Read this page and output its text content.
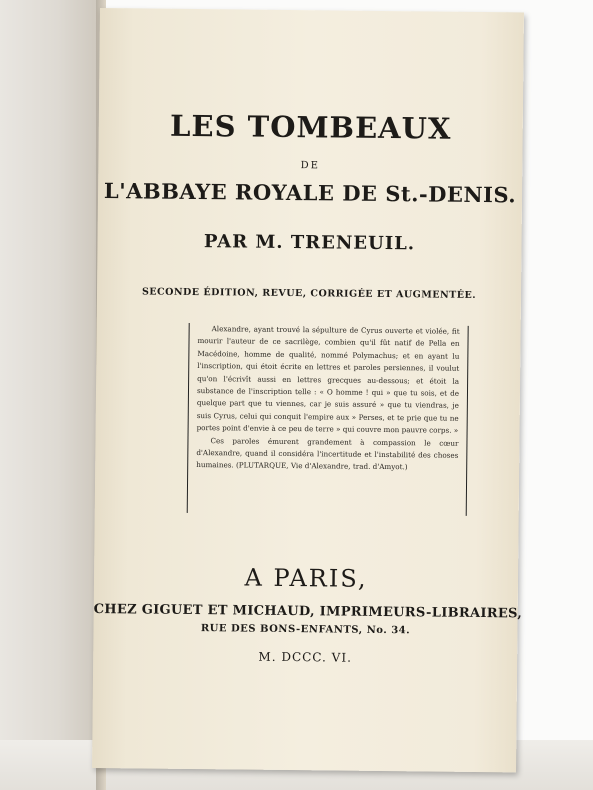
LES TOMBEAUX
DE
L'ABBAYE ROYALE DE St.-DENIS.
PAR M. TRENEUIL.
SECONDE ÉDITION, REVUE, CORRIGÉE ET AUGMENTÉE.

Alexandre, ayant trouvé la sépulture de Cyrus ouverte et violée, fit mourir l'auteur de ce sacrilège, combien qu'il fût natif de Pella en Macédoine, homme de qualité, nommé Polymachus; et en ayant lu l'inscription, qui étoit écrite en lettres et paroles persiennes, il voulut qu'on l'écrivît aussi en lettres grecques au-dessous; et étoit la substance de l'inscription telle : « O homme ! qui » que tu sois, et de quelque part que tu viennes, car je suis assuré » que tu viendras, je suis Cyrus, celui qui conquit l'empire aux » Perses, et te prie que tu ne portes point d'envie à ce peu de terre » qui couvre mon pauvre corps. »

Ces paroles émurent grandement à compassion le cœur d'Alexandre, quand il considéra l'incertitude et l'instabilité des choses humaines. (PLUTARQUE, Vie d'Alexandre, trad. d'Amyot.)

A PARIS,
CHEZ GIGUET ET MICHAUD, IMPRIMEURS-LIBRAIRES,
RUE DES BONS-ENFANTS, No. 34.
M. DCCC. VI.
